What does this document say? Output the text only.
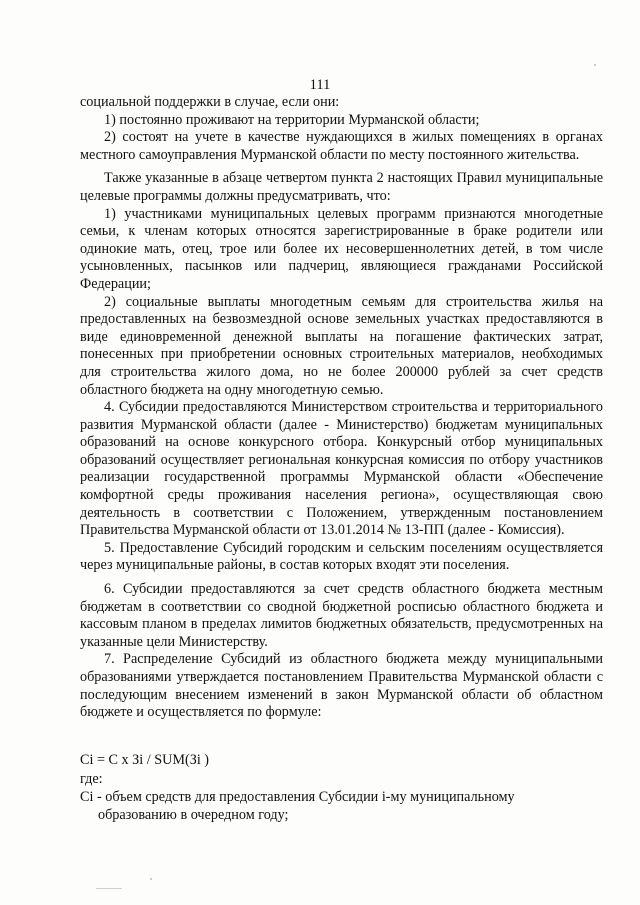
111

социальной поддержки в случае, если они:

1) постоянно проживают на территории Мурманской области;

2) состоят на учете в качестве нуждающихся в жилых помещениях в органах местного самоуправления Мурманской области по месту постоянного жительства.

Также указанные в абзаце четвертом пункта 2 настоящих Правил муниципальные целевые программы должны предусматривать, что:

1) участниками муниципальных целевых программ признаются многодетные семьи, к членам которых относятся зарегистрированные в браке родители или одинокие мать, отец, трое или более их несовершеннолетних детей, в том числе усыновленных, пасынков или падчериц, являющиеся гражданами Российской Федерации;

2) социальные выплаты многодетным семьям для строительства жилья на предоставленных на безвозмездной основе земельных участках предоставляются в виде единовременной денежной выплаты на погашение фактических затрат, понесенных при приобретении основных строительных материалов, необходимых для строительства жилого дома, но не более 200000 рублей за счет средств областного бюджета на одну многодетную семью.

4. Субсидии предоставляются Министерством строительства и территориального развития Мурманской области (далее - Министерство) бюджетам муниципальных образований на основе конкурсного отбора. Конкурсный отбор муниципальных образований осуществляет региональная конкурсная комиссия по отбору участников реализации государственной программы Мурманской области «Обеспечение комфортной среды проживания населения региона», осуществляющая свою деятельность в соответствии с Положением, утвержденным постановлением Правительства Мурманской области от 13.01.2014 № 13-ПП (далее - Комиссия).

5. Предоставление Субсидий городским и сельским поселениям осуществляется через муниципальные районы, в состав которых входят эти поселения.

6. Субсидии предоставляются за счет средств областного бюджета местным бюджетам в соответствии со сводной бюджетной росписью областного бюджета и кассовым планом в пределах лимитов бюджетных обязательств, предусмотренных на указанные цели Министерству.

7. Распределение Субсидий из областного бюджета между муниципальными образованиями утверждается постановлением Правительства Мурманской области с последующим внесением изменений в закон Мурманской области об областном бюджете и осуществляется по формуле:

Ci = C x Зi / SUM(Зi )

где:

Ci - объем средств для предоставления Субсидии i-му муниципальному

образованию в очередном году;
